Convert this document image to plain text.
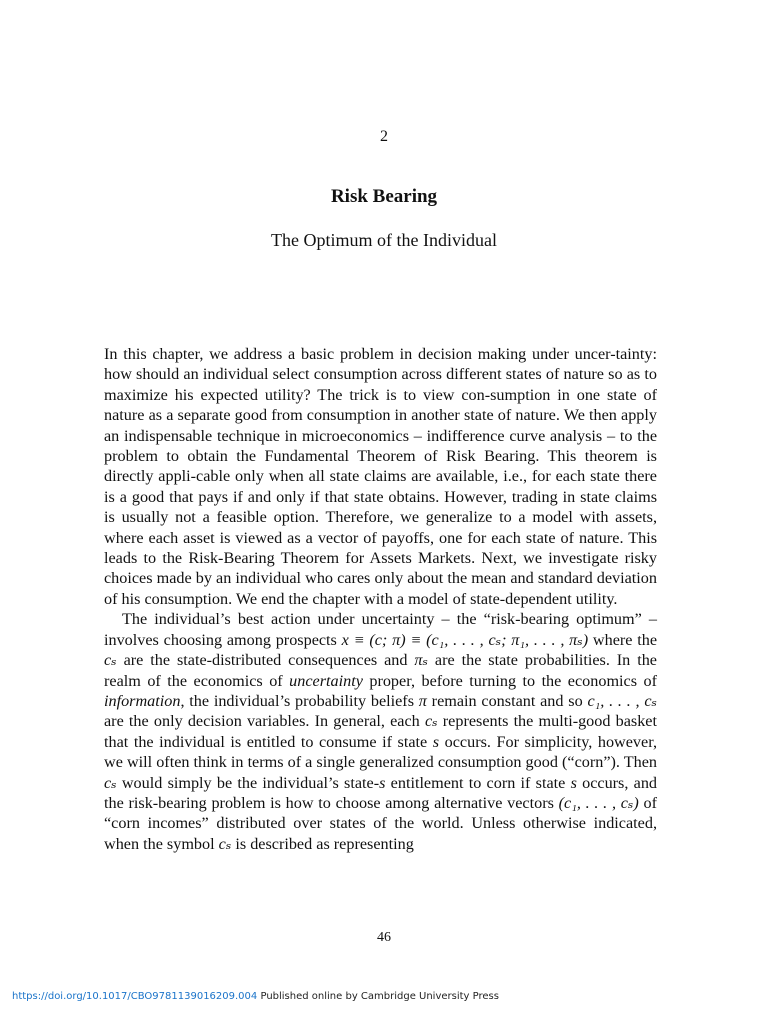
2
Risk Bearing
The Optimum of the Individual

In this chapter, we address a basic problem in decision making under uncer-tainty: how should an individual select consumption across different states of nature so as to maximize his expected utility? The trick is to view con-sumption in one state of nature as a separate good from consumption in another state of nature. We then apply an indispensable technique in microeconomics – indifference curve analysis – to the problem to obtain the Fundamental Theorem of Risk Bearing. This theorem is directly appli-cable only when all state claims are available, i.e., for each state there is a good that pays if and only if that state obtains. However, trading in state claims is usually not a feasible option. Therefore, we generalize to a model with assets, where each asset is viewed as a vector of payoffs, one for each state of nature. This leads to the Risk-Bearing Theorem for Assets Markets. Next, we investigate risky choices made by an individual who cares only about the mean and standard deviation of his consumption. We end the chapter with a model of state-dependent utility.

The individual’s best action under uncertainty – the “risk-bearing optimum” – involves choosing among prospects x ≡ (c; π) ≡ (c₁, . . . , cₛ; π₁, . . . , πₛ) where the cₛ are the state-distributed consequences and πₛ are the state probabilities. In the realm of the economics of uncertainty proper, before turning to the economics of information, the individual’s probability beliefs π remain constant and so c₁, . . . , cₛ are the only decision variables. In general, each cₛ represents the multi-good basket that the individual is entitled to consume if state s occurs. For simplicity, however, we will often think in terms of a single generalized consumption good (“corn”). Then cₛ would simply be the individual’s state-s entitlement to corn if state s occurs, and the risk-bearing problem is how to choose among alternative vectors (c₁, . . . , cₛ) of “corn incomes” distributed over states of the world. Unless otherwise indicated, when the symbol cₛ is described as representing

46
https://doi.org/10.1017/CBO9781139016209.004 Published online by Cambridge University Press
